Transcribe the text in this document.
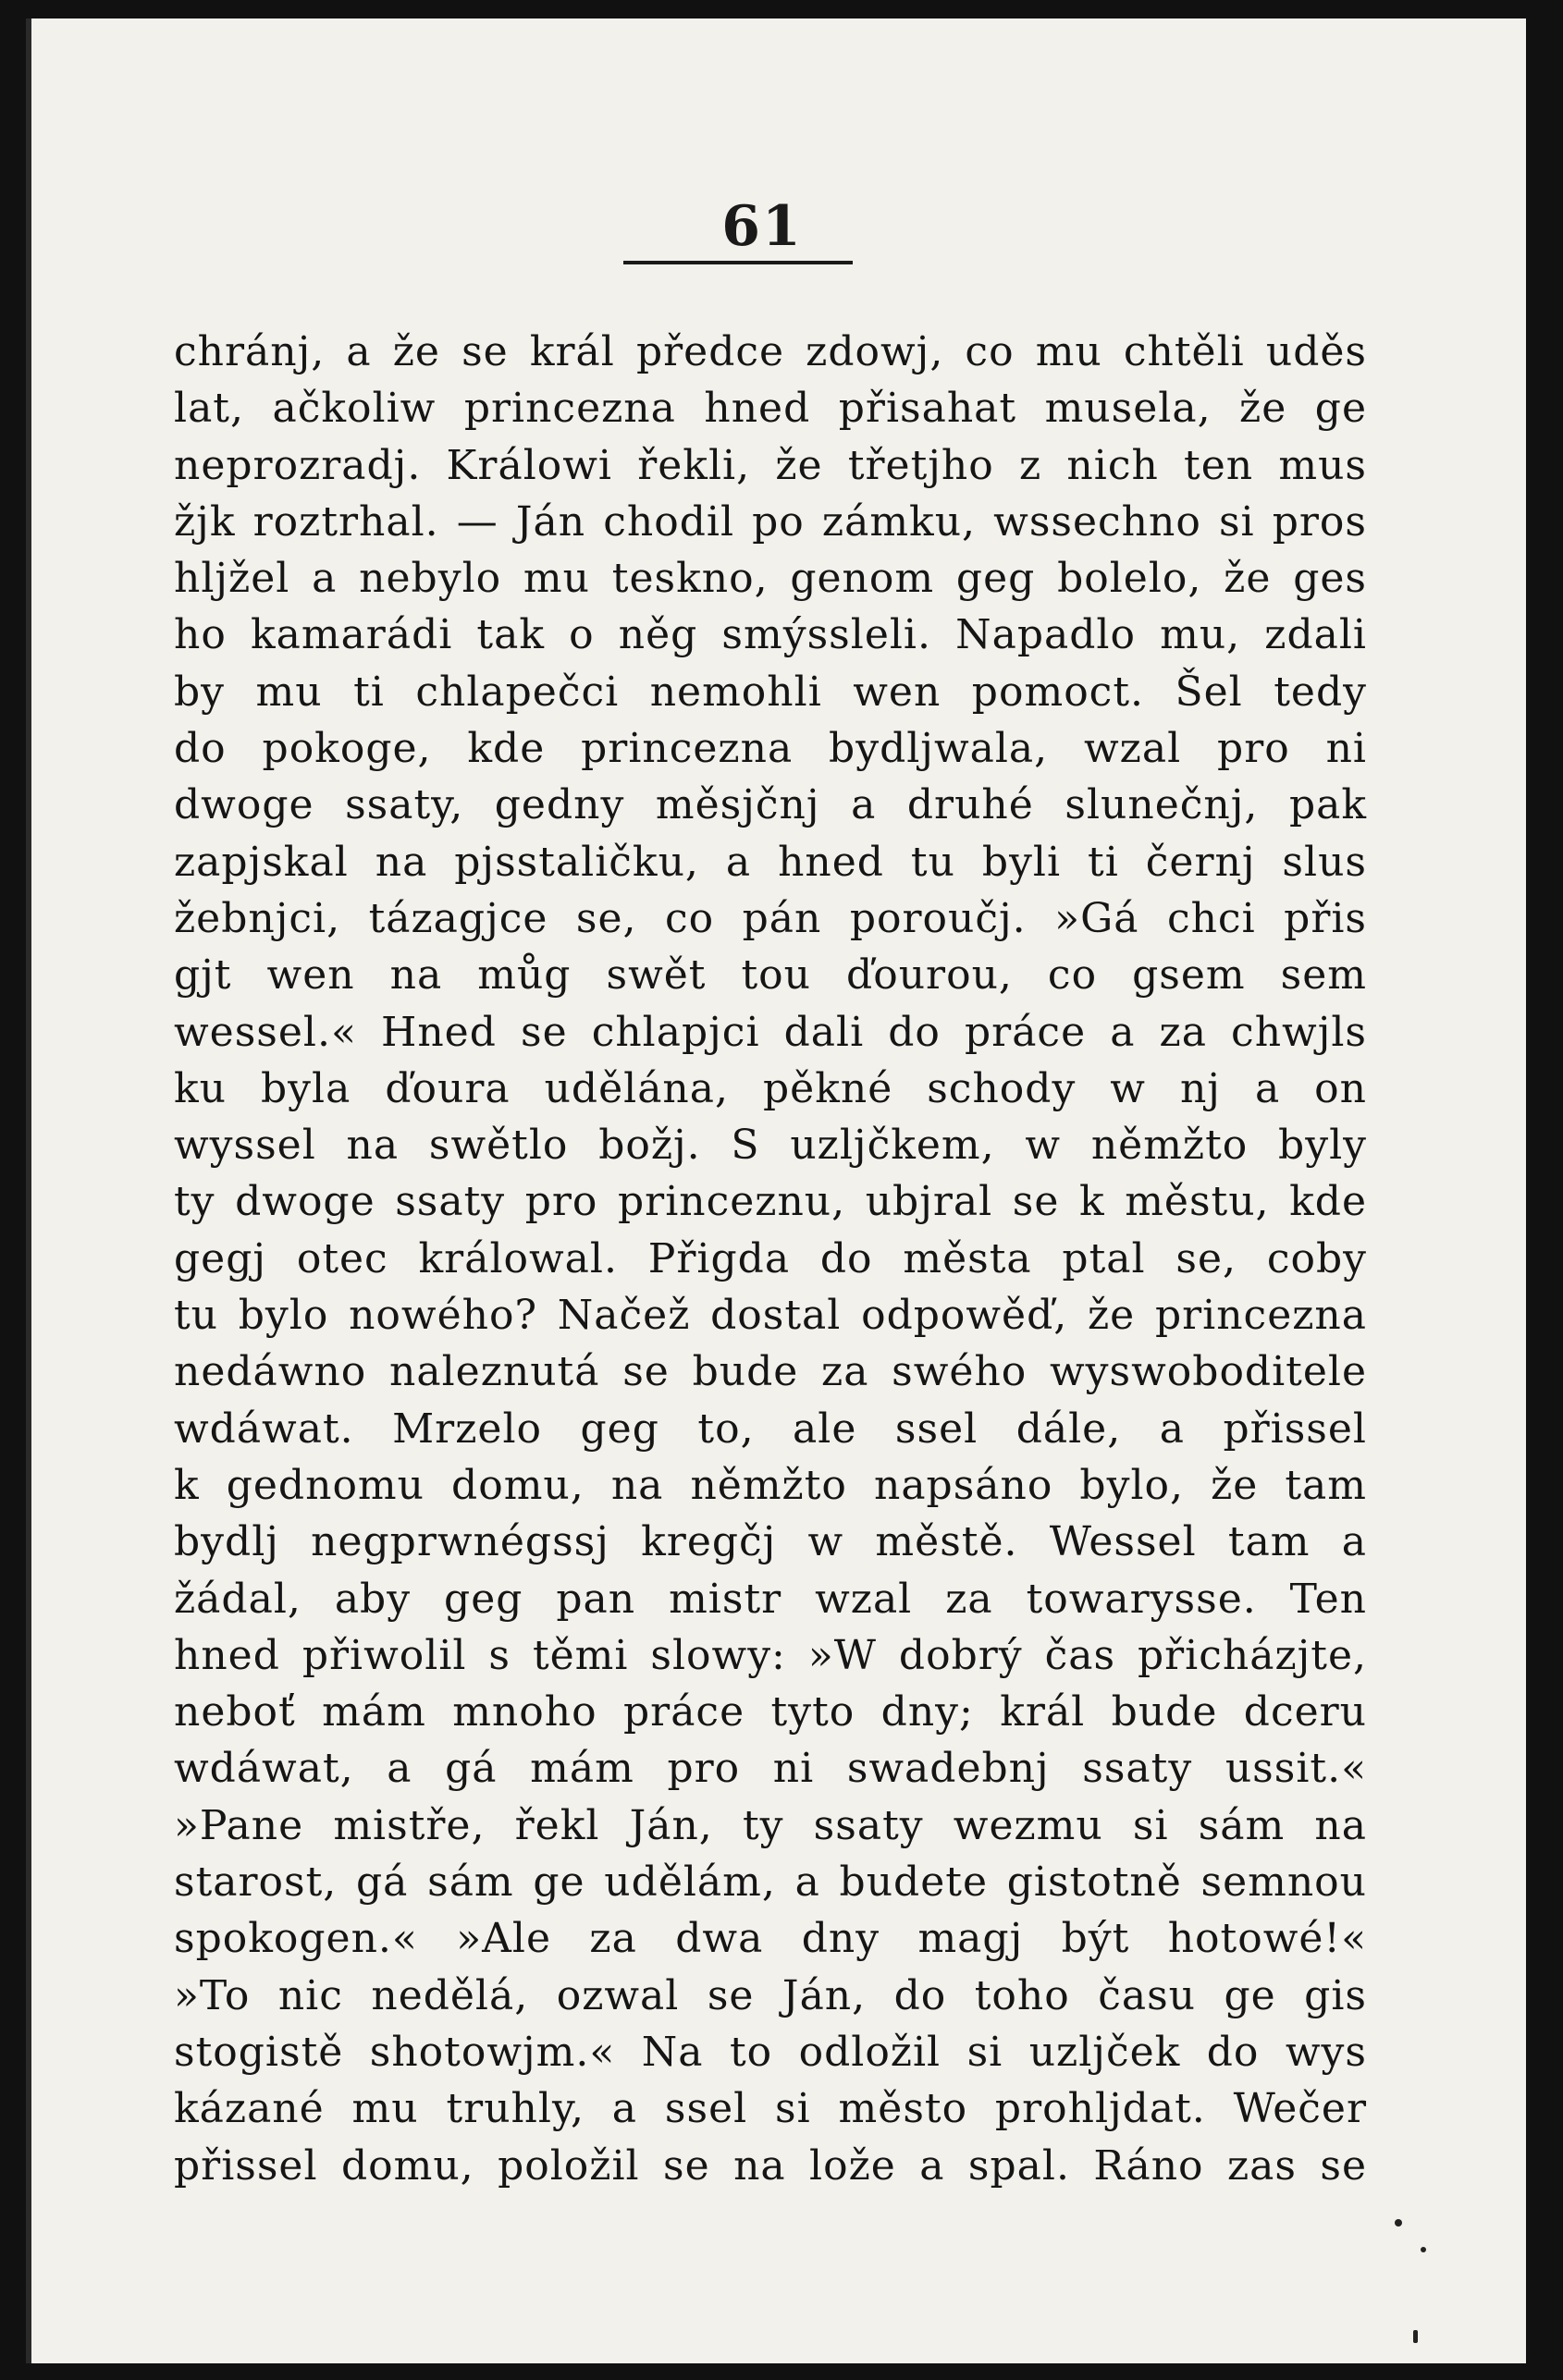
61
chránj, a že se král předce zdowj, co mu chtěli uděs
lat, ačkoliw princezna hned přisahat musela, že ge
neprozradj. Králowi řekli, že třetjho z nich ten mus
žjk roztrhal. — Ján chodil po zámku, wssechno si pros
hljžel a nebylo mu teskno, genom geg bolelo, že ges
ho kamarádi tak o něg smýssleli. Napadlo mu, zdali
by mu ti chlapečci nemohli wen pomoct. Šel tedy
do pokoge, kde princezna bydljwala, wzal pro ni
dwoge ssaty, gedny měsjčnj a druhé slunečnj, pak
zapjskal na pjsstaličku, a hned tu byli ti černj slus
žebnjci, tázagjce se, co pán poroučj. »Gá chci přis
gjt wen na můg swět tou ďourou, co gsem sem
wessel.« Hned se chlapjci dali do práce a za chwjls
ku byla ďoura udělána, pěkné schody w nj a on
wyssel na swětlo božj. S uzljčkem, w němžto byly
ty dwoge ssaty pro princeznu, ubjral se k městu, kde
gegj otec králowal. Přigda do města ptal se, coby
tu bylo nowého? Načež dostal odpowěď, že princezna
nedáwno naleznutá se bude za swého wyswoboditele
wdáwat. Mrzelo geg to, ale ssel dále, a přissel
k gednomu domu, na němžto napsáno bylo, že tam
bydlj negprwnégssj kregčj w městě. Wessel tam a
žádal, aby geg pan mistr wzal za towarysse. Ten
hned přiwolil s těmi slowy: »W dobrý čas přicházjte,
neboť mám mnoho práce tyto dny; král bude dceru
wdáwat, a gá mám pro ni swadebnj ssaty ussit.«
»Pane mistře, řekl Ján, ty ssaty wezmu si sám na
starost, gá sám ge udělám, a budete gistotně semnou
spokogen.« »Ale za dwa dny magj být hotowé!«
»To nic nedělá, ozwal se Ján, do toho času ge gis
stogistě shotowjm.« Na to odložil si uzljček do wys
kázané mu truhly, a ssel si město prohljdat. Wečer
přissel domu, položil se na lože a spal. Ráno zas se
